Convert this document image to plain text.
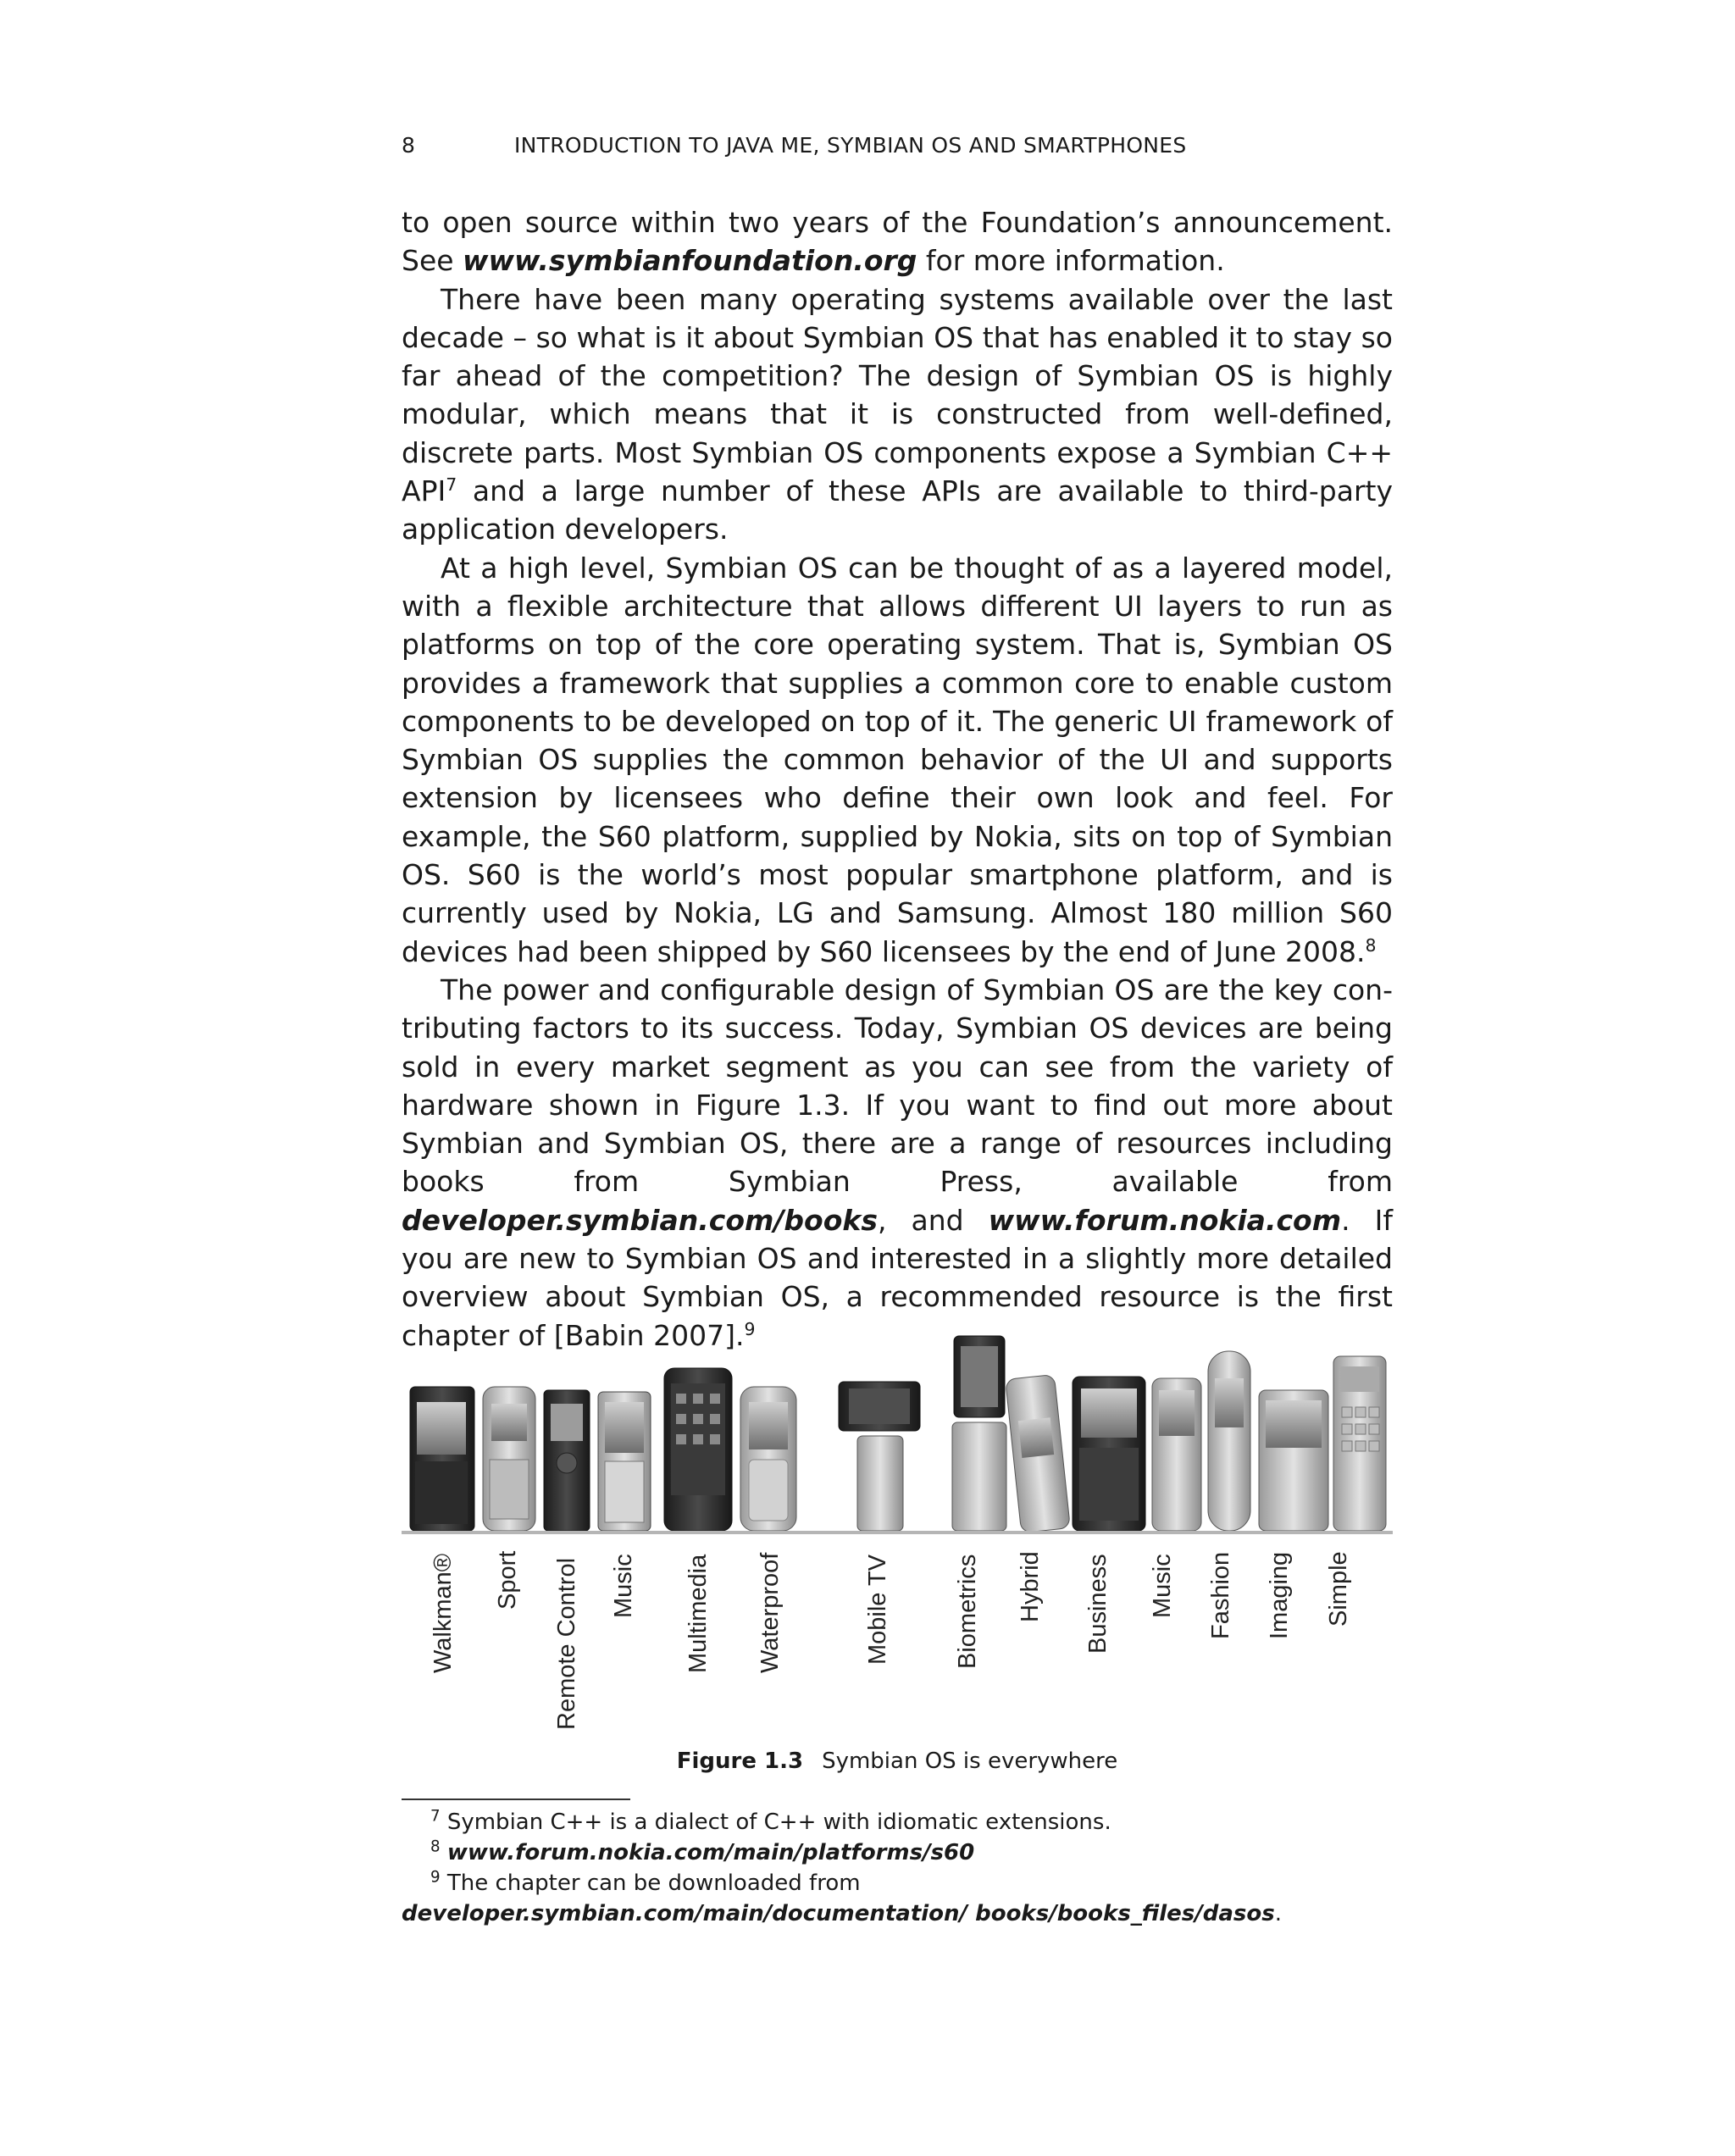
8	INTRODUCTION TO JAVA ME, SYMBIAN OS AND SMARTPHONES

to open source within two years of the Foundation’s announcement. See www.symbianfoundation.org for more information.

There have been many operating systems available over the last decade – so what is it about Symbian OS that has enabled it to stay so far ahead of the competition? The design of Symbian OS is highly modular, which means that it is constructed from well-defined, discrete parts. Most Symbian OS components expose a Symbian $C++ API^7$ and a large number of these APIs are available to third-party application developers.

At a high level, Symbian OS can be thought of as a layered model, with a flexible architecture that allows different UI layers to run as platforms on top of the core operating system. That is, Symbian OS provides a framework that supplies a common core to enable custom components to be developed on top of it. The generic UI framework of Symbian OS supplies the common behavior of the UI and supports extension by licensees who define their own look and feel. For example, the S60 platform, supplied by Nokia, sits on top of Symbian OS. S60 is the world’s most popular smartphone platform, and is currently used by Nokia, LG and Samsung. Almost 180 million S60 devices had been shipped by S60 licensees by the end of June 2008.$^8$

The power and configurable design of Symbian OS are the key contributing factors to its success. Today, Symbian OS devices are being sold in every market segment as you can see from the variety of hardware shown in Figure 1.3. If you want to find out more about Symbian and Symbian OS, there are a range of resources including books from Symbian Press, available from developer.symbian.com/books, and www.forum.nokia.com. If you are new to Symbian OS and interested in a slightly more detailed overview about Symbian OS, a recommended resource is the first chapter of [Babin 2007].$^9$

Walkman® Sport Remote Control Music Multimedia Waterproof	Mobile TV	Biometrics Hybrid Business Music Fashion Imaging Simple
Figure 1.3 Symbian OS is everywhere

$^7$ Symbian C++ is a dialect of C++ with idiomatic extensions.

$^8$ www.forum.nokia.com/main/platforms/s60

$^9$ The chapter can be downloaded from developer.symbian.com/main/documentation/ books/books_files/dasos.
